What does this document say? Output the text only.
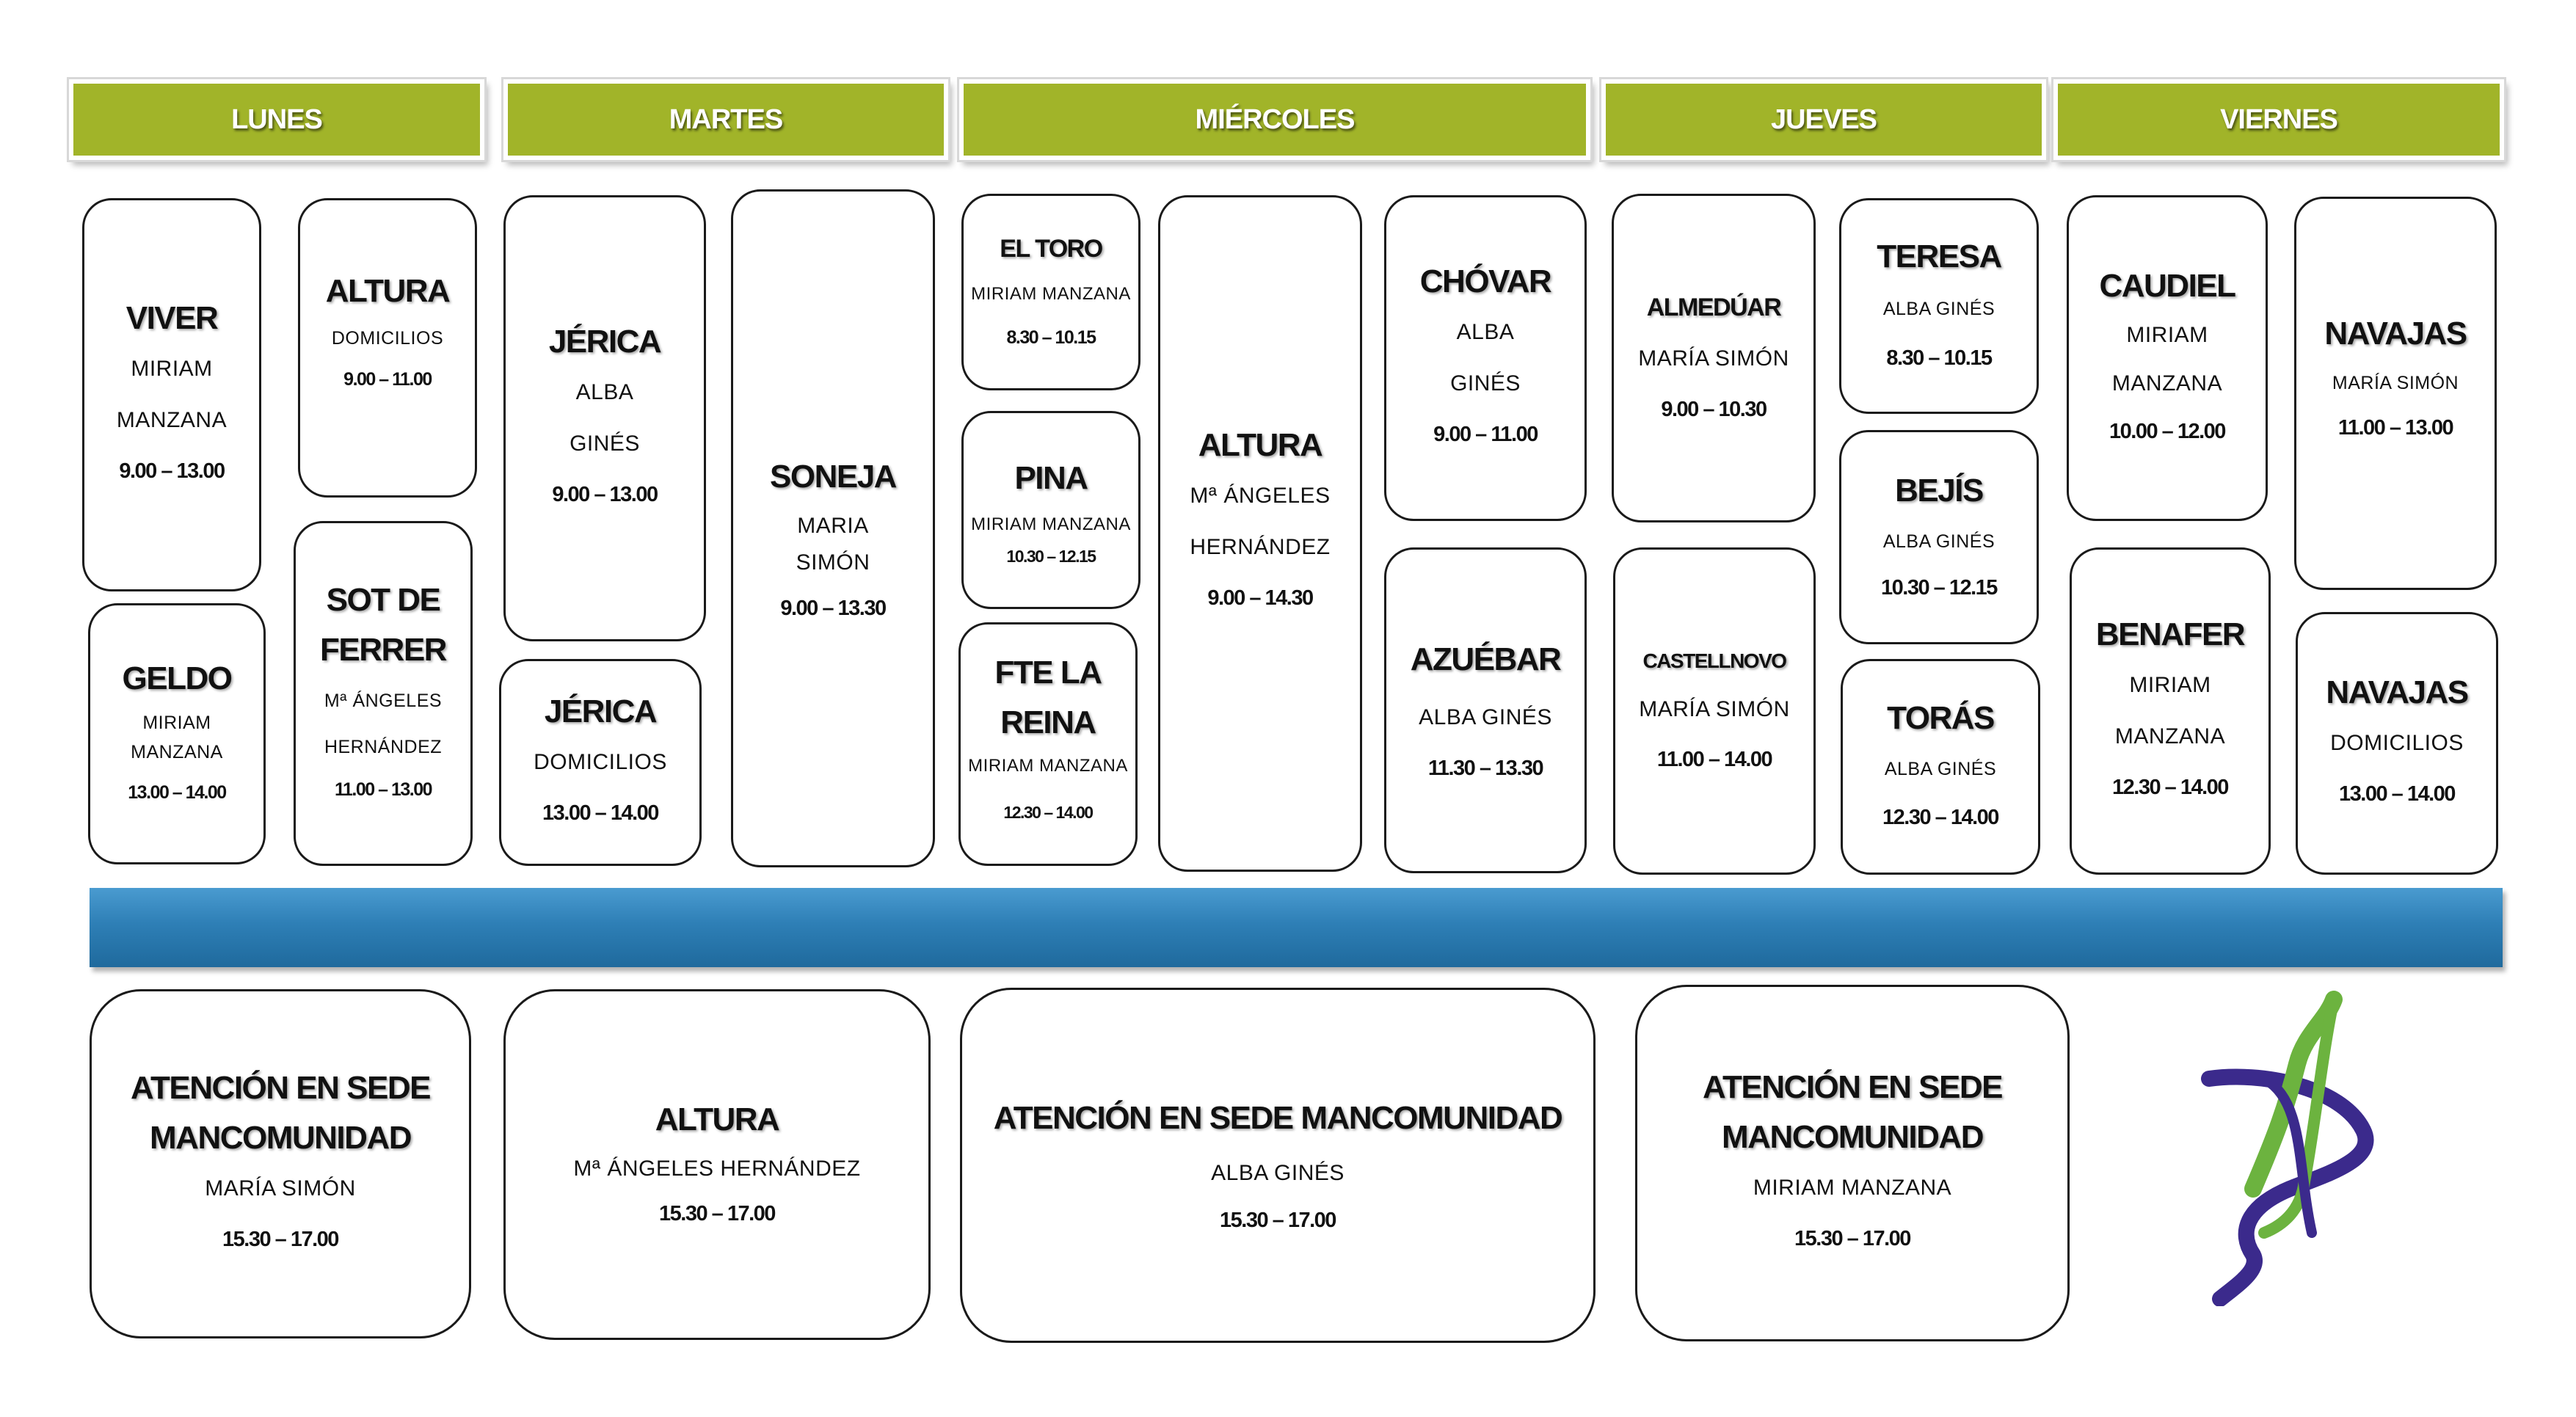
LUNES	MARTES	MIÉRCOLES	JUEVES	VIERNES
VIVER
MIRIAM
MANZANA
9.00 – 13.00
ALTURA
DOMICILIOS
9.00 – 11.00
GELDO
MIRIAM
MANZANA
13.00 – 14.00
SOT DE
FERRER
Mª ÁNGELES
HERNÁNDEZ
11.00 – 13.00
JÉRICA
ALBA
GINÉS
9.00 – 13.00
JÉRICA
DOMICILIOS
13.00 – 14.00
SONEJA
MARIA
SIMÓN
9.00 – 13.30
EL TORO
MIRIAM MANZANA
8.30 – 10.15
PINA
MIRIAM MANZANA
10.30 – 12.15
FTE LA
REINA
MIRIAM MANZANA
12.30 – 14.00
ALTURA
Mª ÁNGELES
HERNÁNDEZ
9.00 – 14.30
CHÓVAR
ALBA
GINÉS
9.00 – 11.00
AZUÉBAR
ALBA GINÉS
11.30 – 13.30
ALMEDÚAR
MARÍA SIMÓN
9.00 – 10.30
CASTELLNOVO
MARÍA SIMÓN
11.00 – 14.00
TERESA
ALBA GINÉS
8.30 – 10.15
BEJÍS
ALBA GINÉS
10.30 – 12.15
TORÁS
ALBA GINÉS
12.30 – 14.00
CAUDIEL
MIRIAM
MANZANA
10.00 – 12.00
BENAFER
MIRIAM
MANZANA
12.30 – 14.00
NAVAJAS
MARÍA SIMÓN
11.00 – 13.00
NAVAJAS
DOMICILIOS
13.00 – 14.00
ATENCIÓN EN SEDE
MANCOMUNIDAD
MARÍA SIMÓN
15.30 – 17.00
ALTURA
Mª ÁNGELES HERNÁNDEZ
15.30 – 17.00
ATENCIÓN EN SEDE MANCOMUNIDAD
ALBA GINÉS
15.30 – 17.00
ATENCIÓN EN SEDE
MANCOMUNIDAD
MIRIAM MANZANA
15.30 – 17.00
